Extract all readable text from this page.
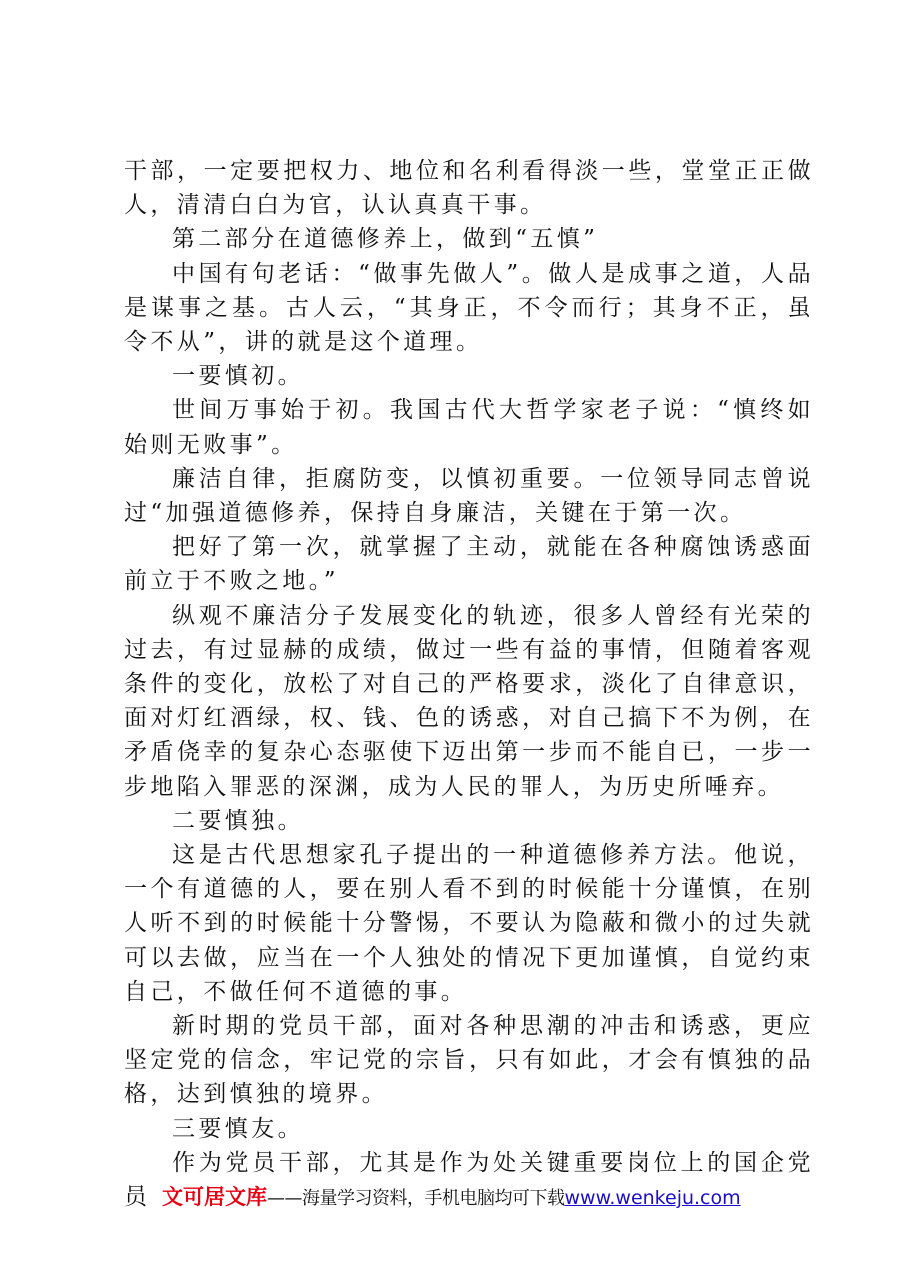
干部，一定要把权力、地位和名利看得淡一些，堂堂正正做人，清清白白为官，认认真真干事。

第二部分在道德修养上，做到“五慎”

中国有句老话：“做事先做人”。做人是成事之道，人品是谋事之基。古人云，“其身正，不令而行；其身不正，虽令不从”，讲的就是这个道理。

一要慎初。

世间万事始于初。我国古代大哲学家老子说：“慎终如始则无败事”。

廉洁自律，拒腐防变，以慎初重要。一位领导同志曾说过“加强道德修养，保持自身廉洁，关键在于第一次。

把好了第一次，就掌握了主动，就能在各种腐蚀诱惑面前立于不败之地。”

纵观不廉洁分子发展变化的轨迹，很多人曾经有光荣的过去，有过显赫的成绩，做过一些有益的事情，但随着客观条件的变化，放松了对自己的严格要求，淡化了自律意识，面对灯红酒绿，权、钱、色的诱惑，对自己搞下不为例，在矛盾侥幸的复杂心态驱使下迈出第一步而不能自已，一步一步地陷入罪恶的深渊，成为人民的罪人，为历史所唾弃。

二要慎独。

这是古代思想家孔子提出的一种道德修养方法。他说，一个有道德的人，要在别人看不到的时候能十分谨慎，在别人听不到的时候能十分警惕，不要认为隐蔽和微小的过失就可以去做，应当在一个人独处的情况下更加谨慎，自觉约束自己，不做任何不道德的事。

新时期的党员干部，面对各种思潮的冲击和诱惑，更应坚定党的信念，牢记党的宗旨，只有如此，才会有慎独的品格，达到慎独的境界。

三要慎友。

作为党员干部，尤其是作为处关键重要岗位上的国企党员 文可居文库 ——海量学习资料，手机电脑均可下载 www.wenkeju.com
